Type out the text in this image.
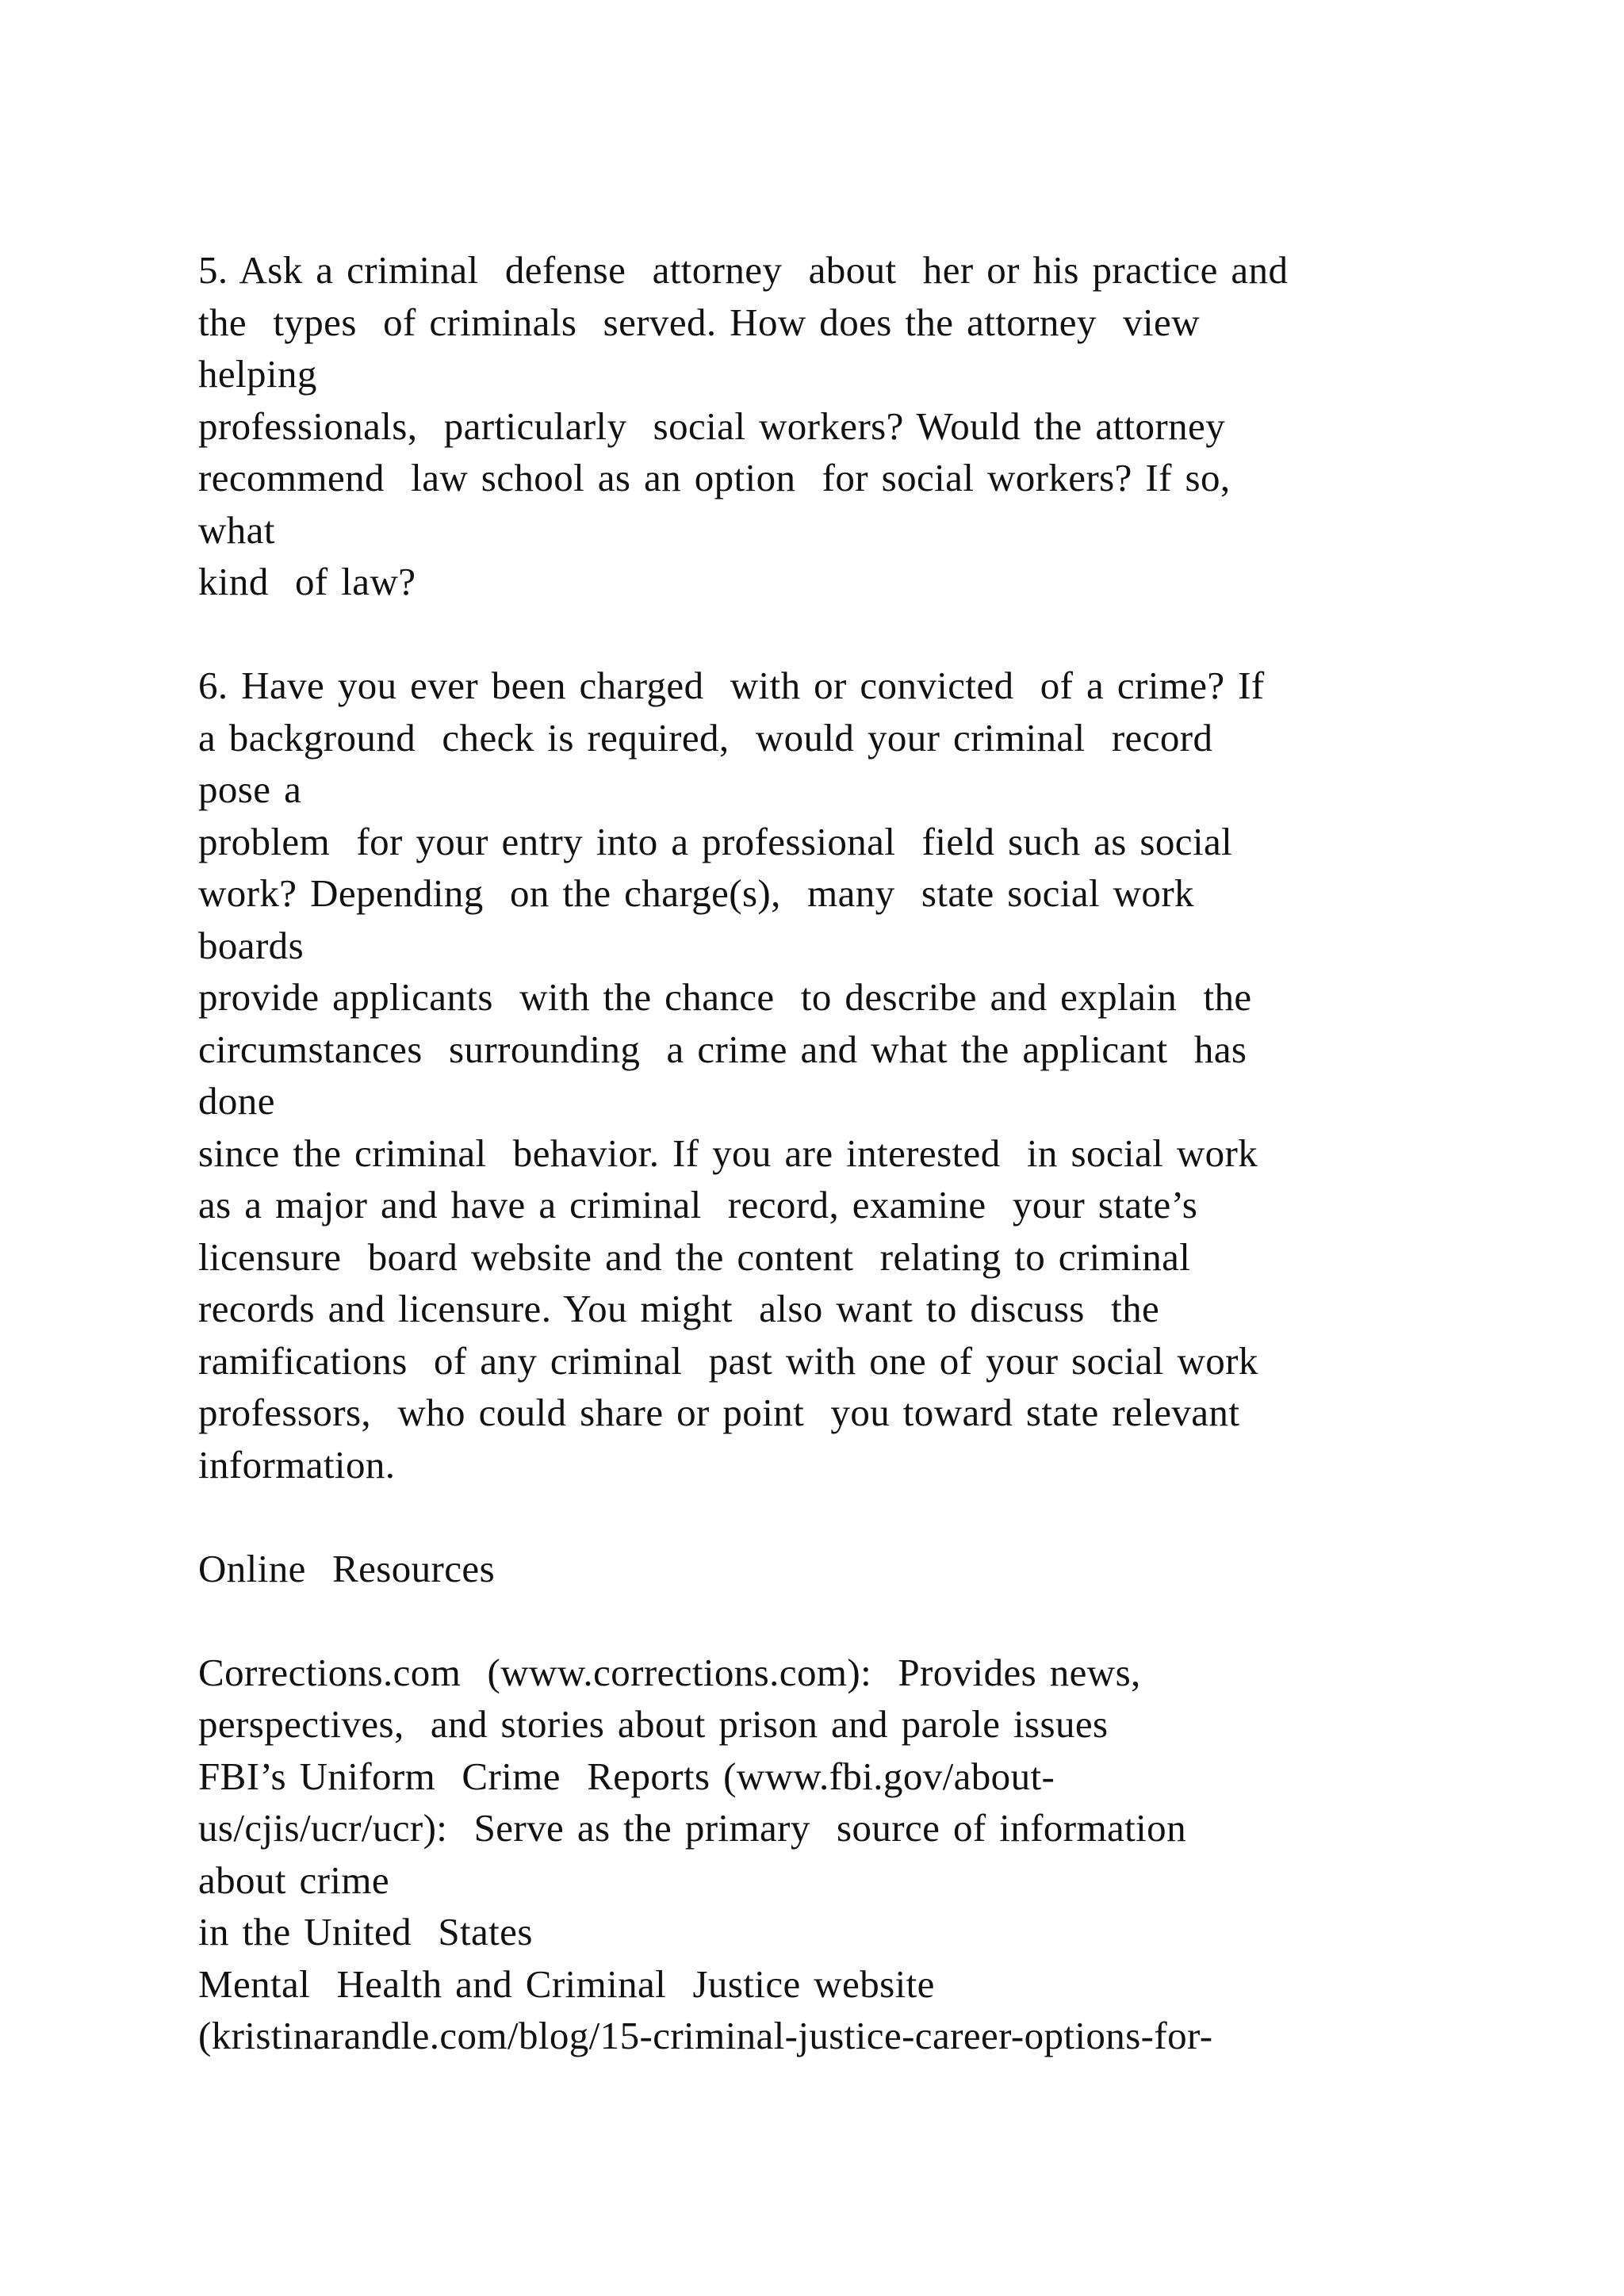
5. Ask a criminal  defense  attorney  about  her or his practice and
the  types  of criminals  served. How does the attorney  view
helping
professionals,  particularly  social workers? Would the attorney
recommend  law school as an option  for social workers? If so,
what
kind  of law?
6. Have you ever been charged  with or convicted  of a crime? If
a background  check is required,  would your criminal  record
pose a
problem  for your entry into a professional  field such as social
work? Depending  on the charge(s),  many  state social work
boards
provide applicants  with the chance  to describe and explain  the
circumstances  surrounding  a crime and what the applicant  has
done
since the criminal  behavior. If you are interested  in social work
as a major and have a criminal  record, examine  your state’s
licensure  board website and the content  relating to criminal
records and licensure. You might  also want to discuss  the
ramifications  of any criminal  past with one of your social work
professors,  who could share or point  you toward state relevant
information.
Online  Resources
Corrections.com  (www.corrections.com):  Provides news,
perspectives,  and stories about prison and parole issues
FBI’s Uniform  Crime  Reports (www.fbi.gov/about-
us/cjis/ucr/ucr):  Serve as the primary  source of information
about crime
in the United  States
Mental  Health and Criminal  Justice website
(kristinarandle.com/blog/15-criminal-justice-career-options-for-
